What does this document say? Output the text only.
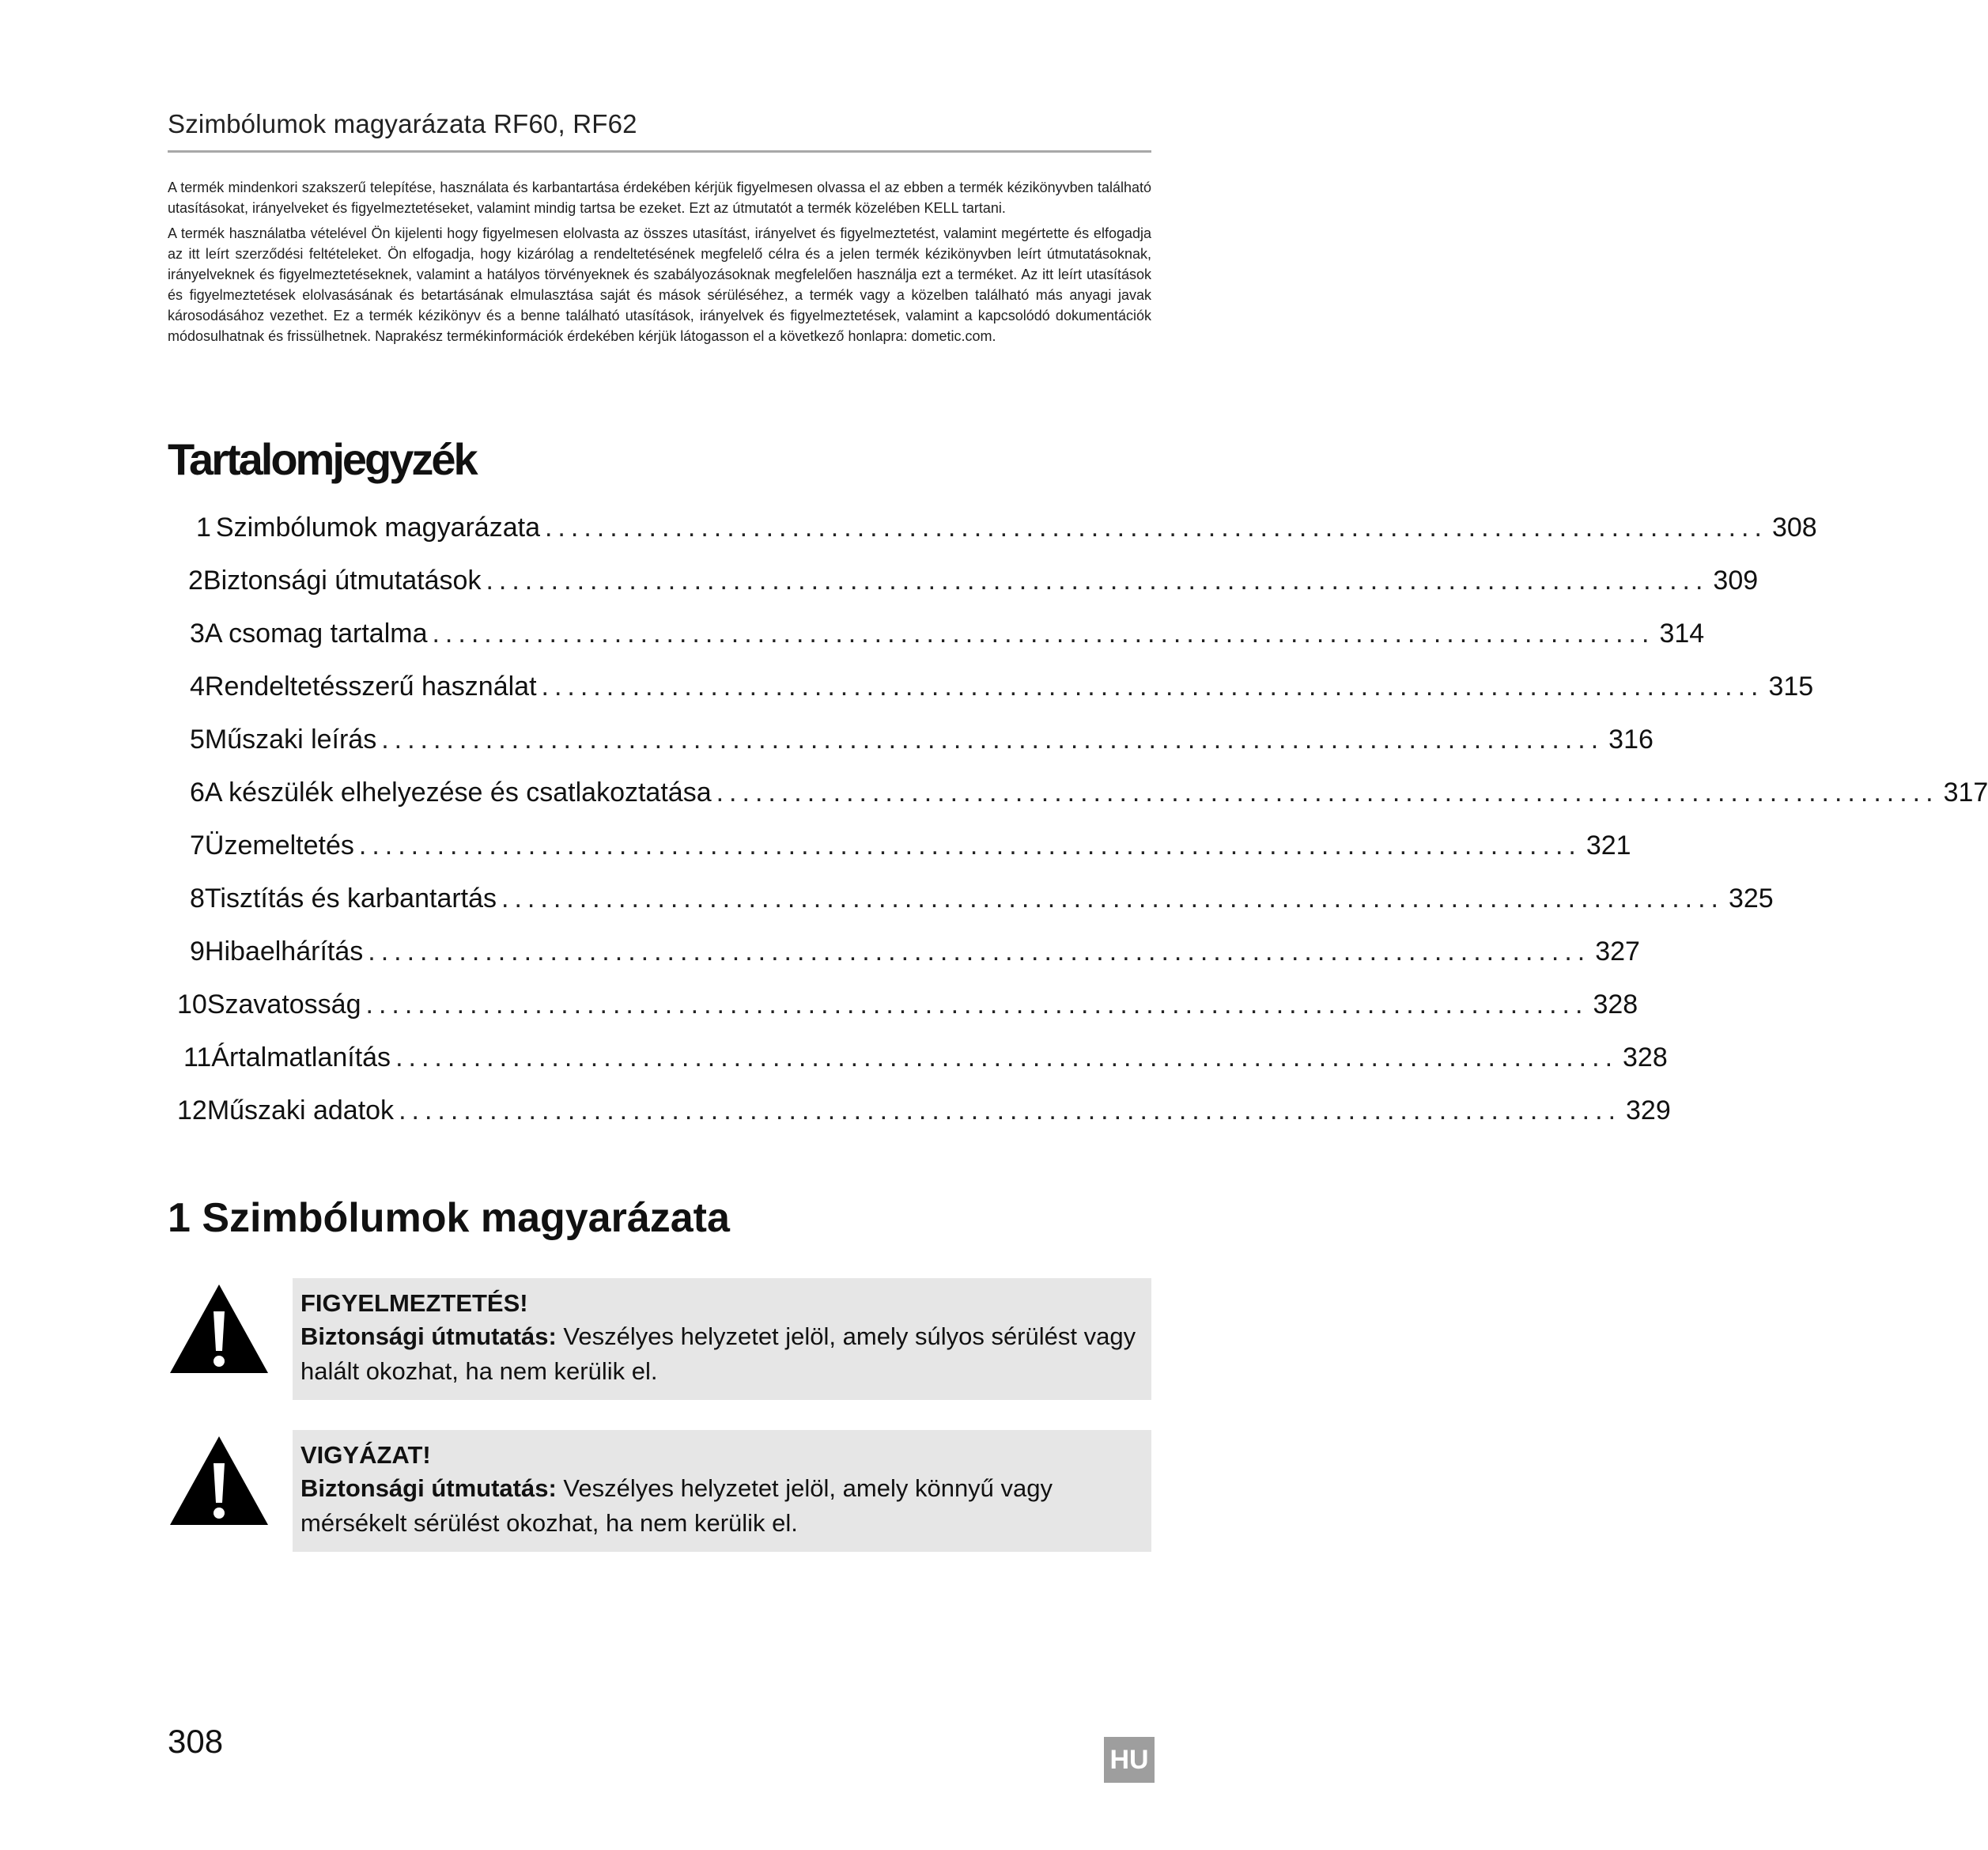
Szimbólumok magyarázata RF60, RF62

A termék mindenkori szakszerű telepítése, használata és karbantartása érdekében kérjük figyelmesen olvassa el az ebben a termék kézikönyvben található utasításokat, irányelveket és figyelmeztetéseket, valamint mindig tartsa be ezeket. Ezt az útmutatót a termék közelében KELL tartani.

A termék használatba vételével Ön kijelenti hogy figyelmesen elolvasta az összes utasítást, irányelvet és figyelmeztetést, valamint megértette és elfogadja az itt leírt szerződési feltételeket. Ön elfogadja, hogy kizárólag a rendeltetésének megfelelő célra és a jelen termék kézikönyvben leírt útmutatásoknak, irányelveknek és figyelmeztetéseknek, valamint a hatályos törvényeknek és szabályozásoknak megfelelően használja ezt a terméket. Az itt leírt utasítások és figyelmeztetések elolvasásának és betartásának elmulasztása saját és mások sérüléséhez, a termék vagy a közelben található más anyagi javak károsodásához vezethet. Ez a termék kézikönyv és a benne található utasítások, irányelvek és figyelmeztetések, valamint a kapcsolódó dokumentációk módosulhatnak és frissülhetnek. Naprakész termékinformációk érdekében kérjük látogasson el a következő honlapra: dometic.com.

Tartalomjegyzék
1 Szimbólumok magyarázata .............................................................................................. 308
2 Biztonsági útmutatások .............................................................................................. 309
3 A csomag tartalma .............................................................................................. 314
4 Rendeltetésszerű használat .............................................................................................. 315
5 Műszaki leírás .............................................................................................. 316
6 A készülék elhelyezése és csatlakoztatása .............................................................................................. 317
7 Üzemeltetés .............................................................................................. 321
8 Tisztítás és karbantartás .............................................................................................. 325
9 Hibaelhárítás .............................................................................................. 327
10 Szavatosság .............................................................................................. 328
11 Ártalmatlanítás .............................................................................................. 328
12 Műszaki adatok .............................................................................................. 329
1 Szimbólumok magyarázata
FIGYELMEZTETÉS!
Biztonsági útmutatás: Veszélyes helyzetet jelöl, amely súlyos sérülést vagy halált okozhat, ha nem kerülik el.
VIGYÁZAT!
Biztonsági útmutatás: Veszélyes helyzetet jelöl, amely könnyű vagy mérsékelt sérülést okozhat, ha nem kerülik el.
308	HU
